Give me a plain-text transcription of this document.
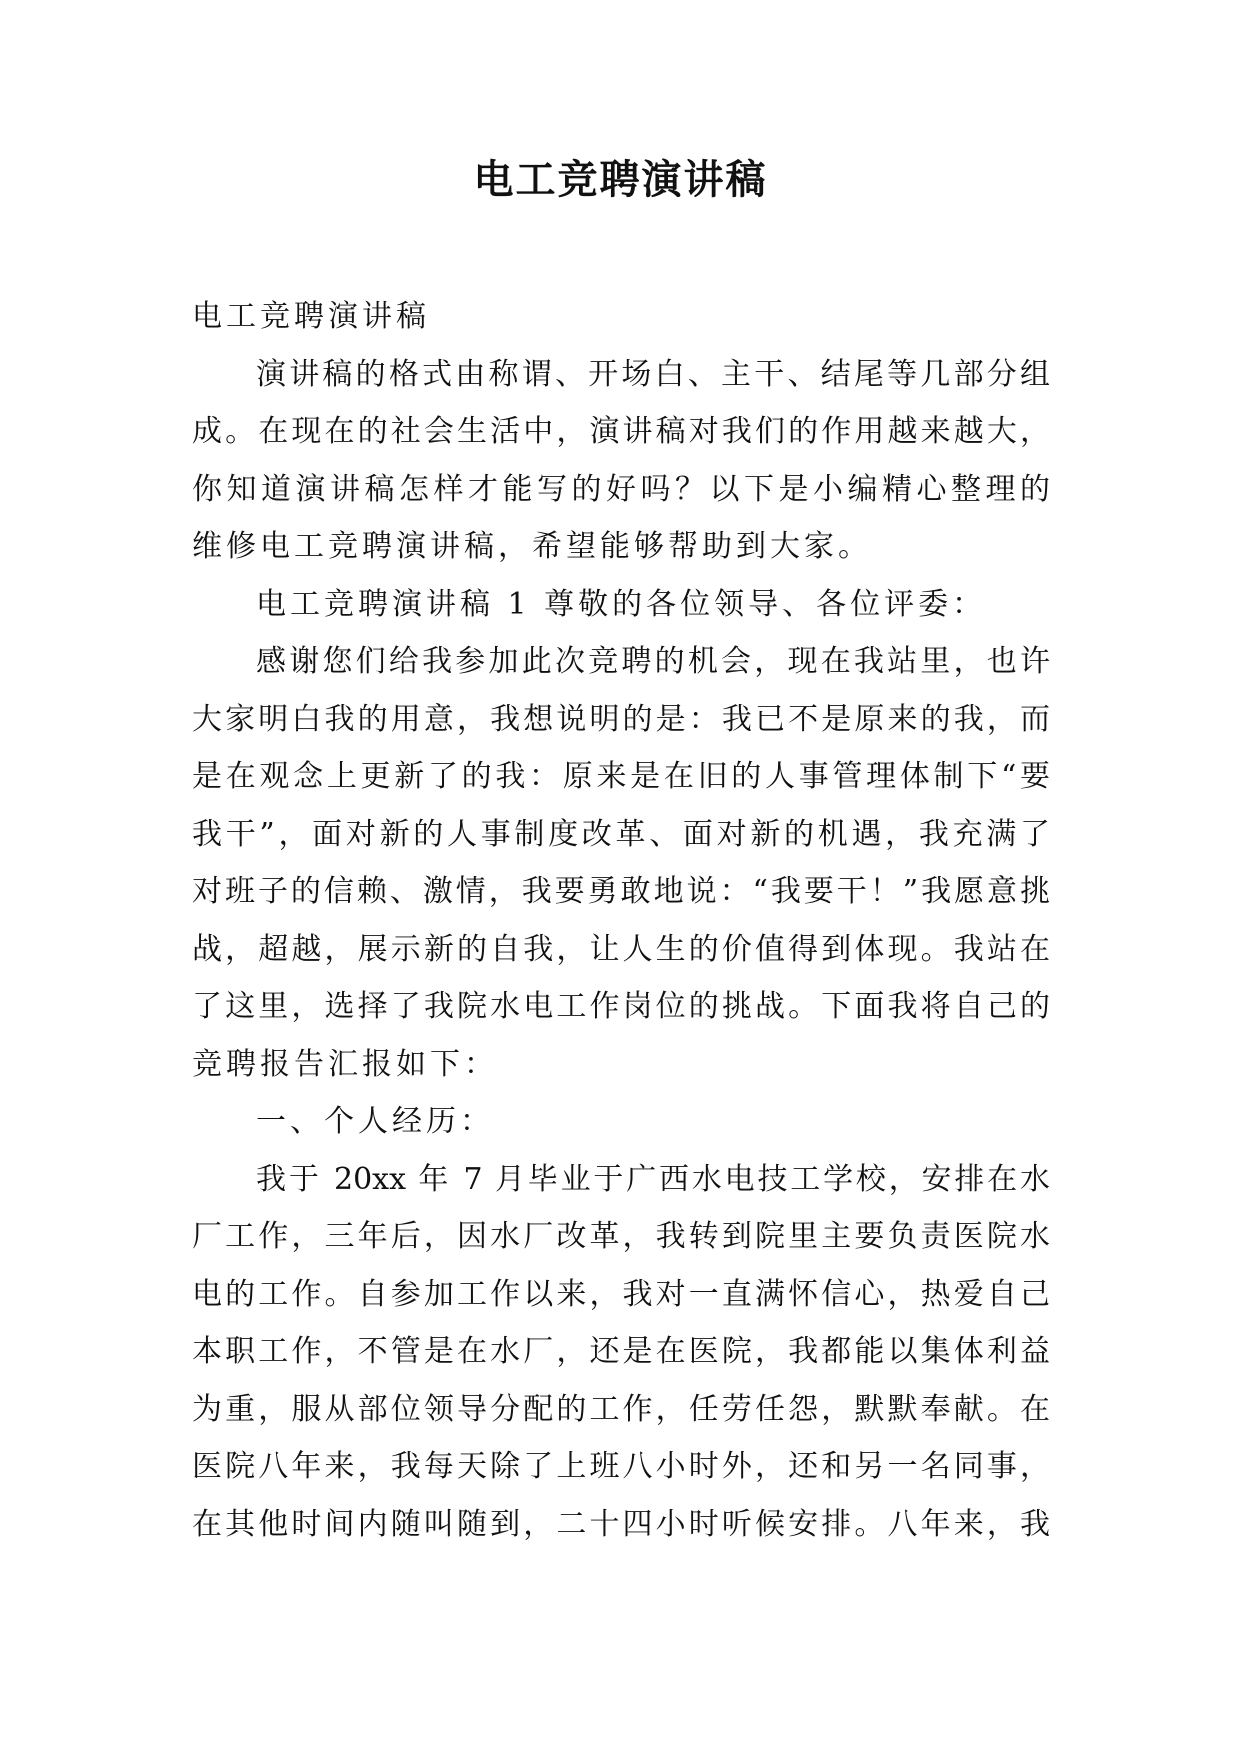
电工竞聘演讲稿
电工竞聘演讲稿
演讲稿的格式由称谓、开场白、主干、结尾等几部分组
成。在现在的社会生活中，演讲稿对我们的作用越来越大，
你知道演讲稿怎样才能写的好吗？以下是小编精心整理的
维修电工竞聘演讲稿，希望能够帮助到大家。
电工竞聘演讲稿 1 尊敬的各位领导、各位评委：
感谢您们给我参加此次竞聘的机会，现在我站里，也许
大家明白我的用意，我想说明的是：我已不是原来的我，而
是在观念上更新了的我：原来是在旧的人事管理体制下“要
我干”，面对新的人事制度改革、面对新的机遇，我充满了
对班子的信赖、激情，我要勇敢地说：“我要干！”我愿意挑
战，超越，展示新的自我，让人生的价值得到体现。我站在
了这里，选择了我院水电工作岗位的挑战。下面我将自己的
竞聘报告汇报如下：
一、个人经历：
我于 20xx 年 7 月毕业于广西水电技工学校，安排在水
厂工作，三年后，因水厂改革，我转到院里主要负责医院水
电的工作。自参加工作以来，我对一直满怀信心，热爱自己
本职工作，不管是在水厂，还是在医院，我都能以集体利益
为重，服从部位领导分配的工作，任劳任怨，默默奉献。在
医院八年来，我每天除了上班八小时外，还和另一名同事，
在其他时间内随叫随到，二十四小时听候安排。八年来，我
